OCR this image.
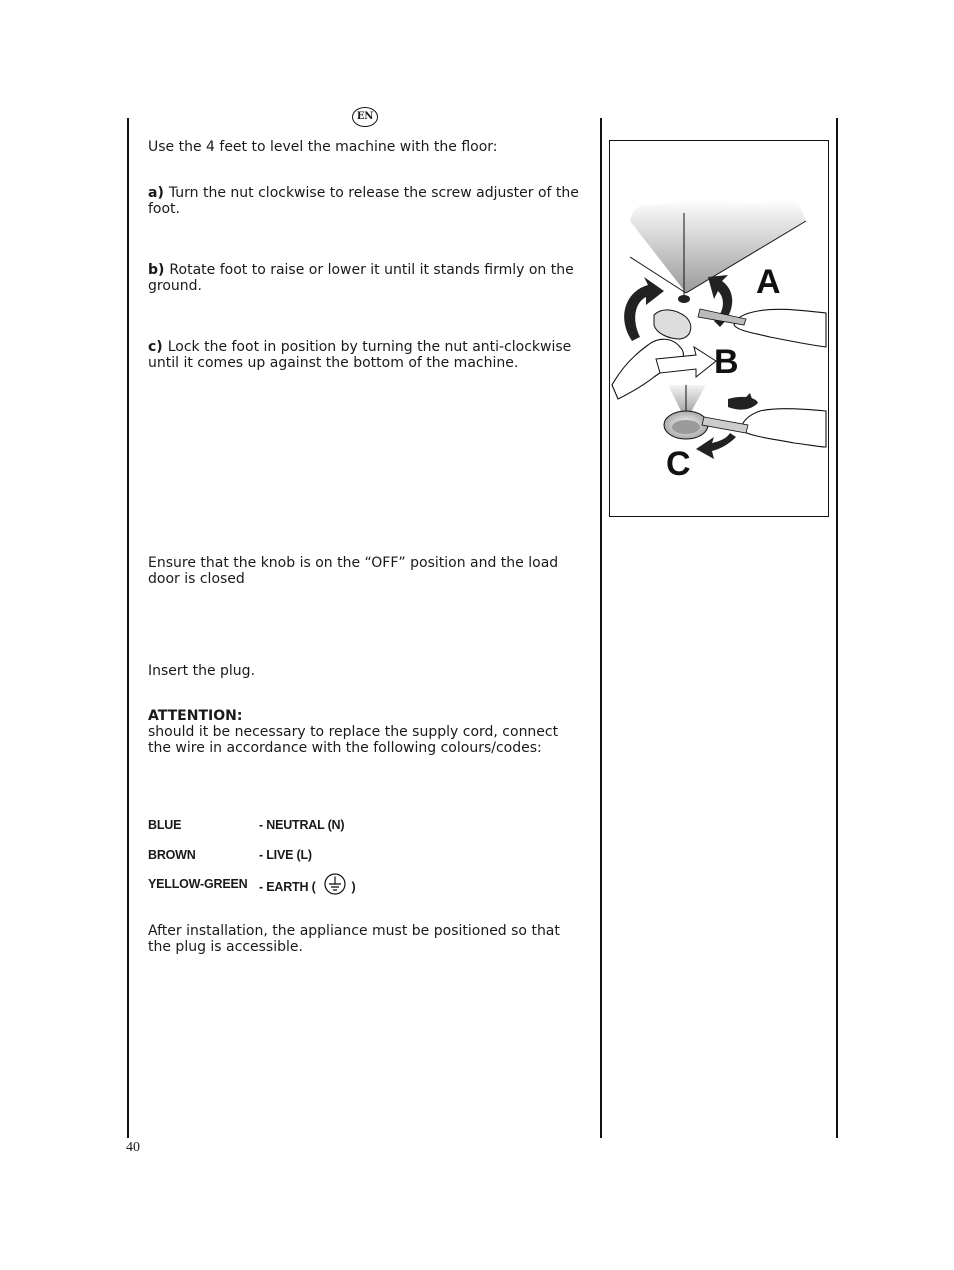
EN

Use the 4 feet to level the machine with the floor:

a) Turn the nut clockwise to release the screw adjuster of the foot.

b) Rotate foot to raise or lower it until it stands firmly on the ground.

c) Lock the foot in position by turning the nut anti-clockwise until it comes up against the bottom of the machine.

Ensure that the knob is on the “OFF” position and the load door is closed

Insert the plug.

ATTENTION:
should it be necessary to replace the supply cord, connect the wire in accordance with the following colours/codes:

BLUE	- NEUTRAL (N)
BROWN	- LIVE (L)
YELLOW-GREEN - EARTH (	)

After installation, the appliance must be positioned so that the plug is accessible.

A
B
C
40
